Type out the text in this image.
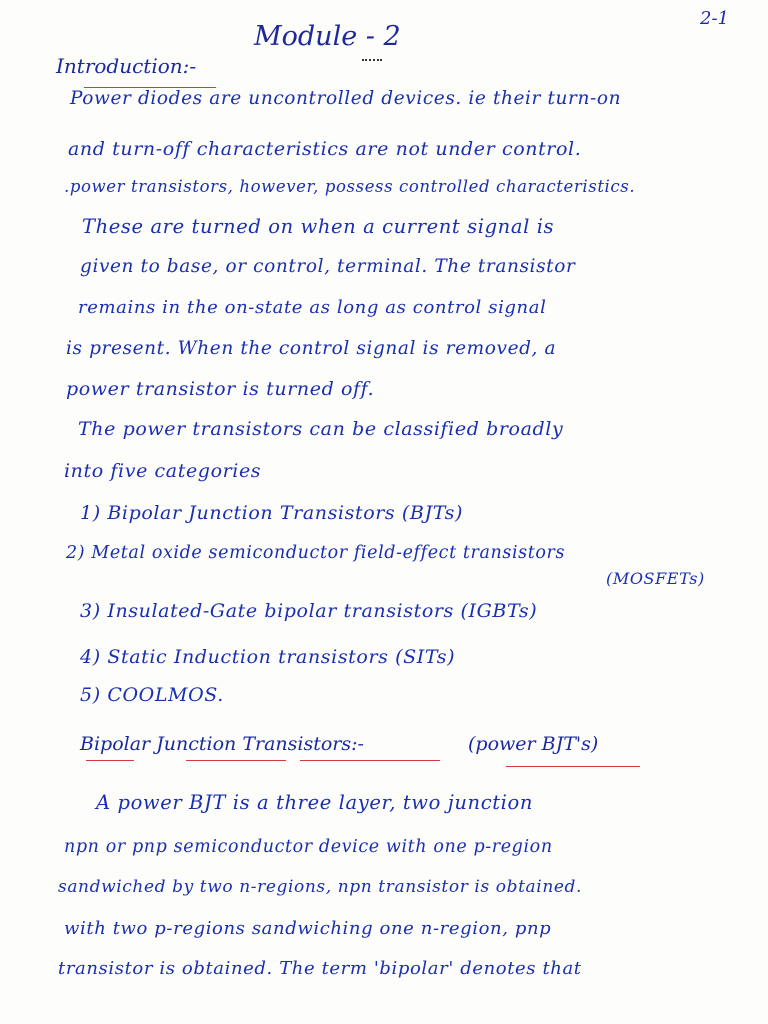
Module - 2
2-1
Introduction:-
Power diodes are uncontrolled devices. ie their turn-on
and turn-off characteristics are not under control.
.power transistors, however, possess controlled characteristics.
These are turned on when a current signal is
given to base, or control, terminal. The transistor
remains in the on-state as long as control signal
is present. When the control signal is removed, a
power transistor is turned off.
The power transistors can be classified broadly
into five categories
1) Bipolar Junction Transistors (BJTs)
2) Metal oxide semiconductor field-effect transistors
(MOSFETs)
3) Insulated-Gate bipolar transistors (IGBTs)
4) Static Induction transistors (SITs)
5) COOLMOS.
Bipolar Junction Transistors:-	(power BJT's)
A power BJT is a three layer, two junction
npn or pnp semiconductor device with one p-region
sandwiched by two n-regions, npn transistor is obtained.
with two p-regions sandwiching one n-region, pnp
transistor is obtained. The term 'bipolar' denotes that
